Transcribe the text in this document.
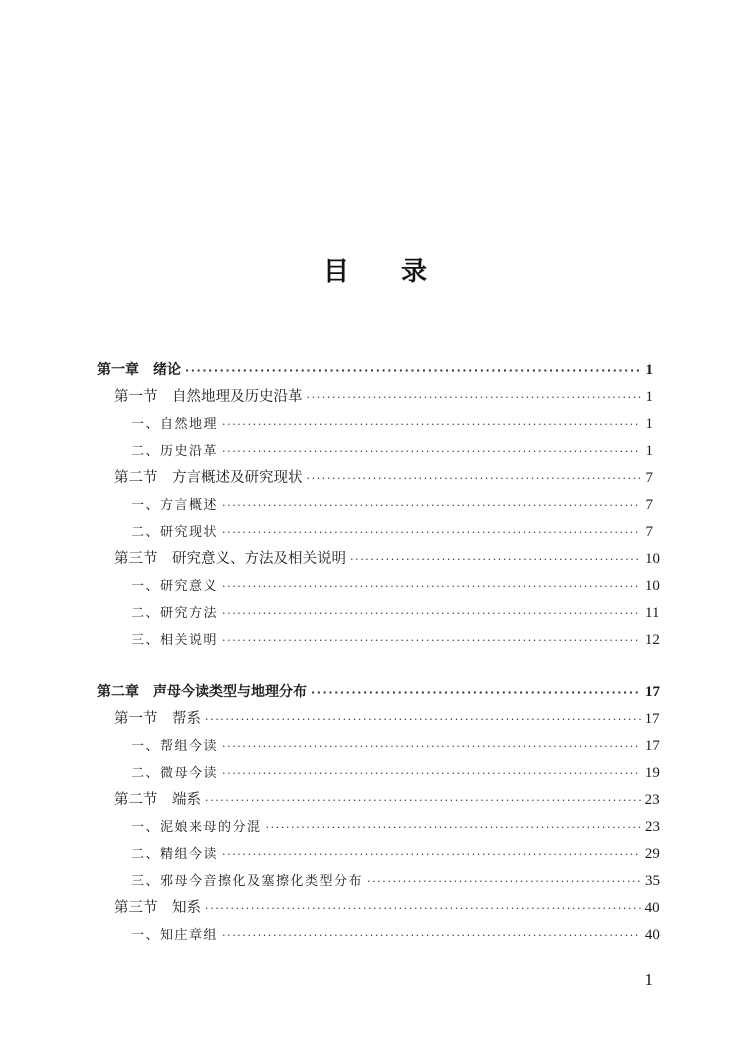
目 录
第一章　绪论 ·····	1
第一节　自然地理及历史沿革 ·····	1
一、自然地理 ·····	1
二、历史沿革 ·····	1
第二节　方言概述及研究现状 ·····	7
一、方言概述 ·····	7
二、研究现状 ·····	7
第三节　研究意义、方法及相关说明 ·····	10
一、研究意义 ·····	10
二、研究方法 ·····	11
三、相关说明 ·····	12
第二章　声母今读类型与地理分布 ·····	17
第一节　帮系 ·····	17
一、帮组今读 ·····	17
二、微母今读 ·····	19
第二节　端系 ·····	23
一、泥娘来母的分混 ·····	23
二、精组今读 ·····	29
三、邪母今音擦化及塞擦化类型分布 ·····	35
第三节　知系 ·····	40
一、知庄章组 ·····	40
1
